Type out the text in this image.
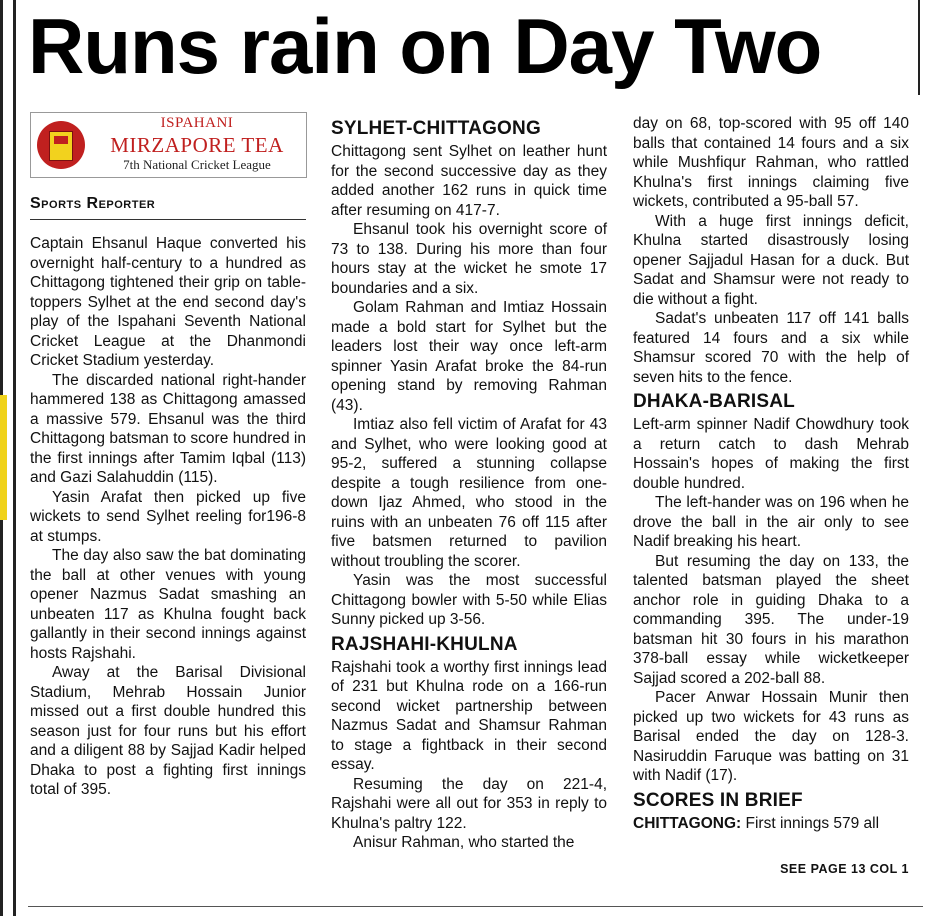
Runs rain on Day Two
ISPAHANI
MIRZAPORE TEA
7th National Cricket League
Sports Reporter

Captain Ehsanul Haque converted his overnight half-century to a hundred as Chittagong tightened their grip on table-toppers Sylhet at the end second day's play of the Ispahani Seventh National Cricket League at the Dhanmondi Cricket Stadium yesterday.

The discarded national right-hander hammered 138 as Chittagong amassed a massive 579. Ehsanul was the third Chittagong batsman to score hundred in the first innings after Tamim Iqbal (113) and Gazi Salahuddin (115).

Yasin Arafat then picked up five wickets to send Sylhet reeling for196-8 at stumps.

The day also saw the bat dominating the ball at other venues with young opener Nazmus Sadat smashing an unbeaten 117 as Khulna fought back gallantly in their second innings against hosts Rajshahi.

Away at the Barisal Divisional Stadium, Mehrab Hossain Junior missed out a first double hundred this season just for four runs but his effort and a diligent 88 by Sajjad Kadir helped Dhaka to post a fighting first innings total of 395.

SYLHET-CHITTAGONG

Chittagong sent Sylhet on leather hunt for the second successive day as they added another 162 runs in quick time after resuming on 417-7.

Ehsanul took his overnight score of 73 to 138. During his more than four hours stay at the wicket he smote 17 boundaries and a six.

Golam Rahman and Imtiaz Hossain made a bold start for Sylhet but the leaders lost their way once left-arm spinner Yasin Arafat broke the 84-run opening stand by removing Rahman (43).

Imtiaz also fell victim of Arafat for 43 and Sylhet, who were looking good at 95-2, suffered a stunning collapse despite a tough resilience from one-down Ijaz Ahmed, who stood in the ruins with an unbeaten 76 off 115 after five batsmen returned to pavilion without troubling the scorer.

Yasin was the most successful Chittagong bowler with 5-50 while Elias Sunny picked up 3-56.

RAJSHAHI-KHULNA

Rajshahi took a worthy first innings lead of 231 but Khulna rode on a 166-run second wicket partnership between Nazmus Sadat and Shamsur Rahman to stage a fightback in their second essay.

Resuming the day on 221-4, Rajshahi were all out for 353 in reply to Khulna's paltry 122.

Anisur Rahman, who started the

day on 68, top-scored with 95 off 140 balls that contained 14 fours and a six while Mushfiqur Rahman, who rattled Khulna's first innings claiming five wickets, contributed a 95-ball 57.

With a huge first innings deficit, Khulna started disastrously losing opener Sajjadul Hasan for a duck. But Sadat and Shamsur were not ready to die without a fight.

Sadat's unbeaten 117 off 141 balls featured 14 fours and a six while Shamsur scored 70 with the help of seven hits to the fence.

DHAKA-BARISAL

Left-arm spinner Nadif Chowdhury took a return catch to dash Mehrab Hossain's hopes of making the first double hundred.

The left-hander was on 196 when he drove the ball in the air only to see Nadif breaking his heart.

But resuming the day on 133, the talented batsman played the sheet anchor role in guiding Dhaka to a commanding 395. The under-19 batsman hit 30 fours in his marathon 378-ball essay while wicketkeeper Sajjad scored a 202-ball 88.

Pacer Anwar Hossain Munir then picked up two wickets for 43 runs as Barisal ended the day on 128-3. Nasiruddin Faruque was batting on 31 with Nadif (17).

SCORES IN BRIEF

CHITTAGONG: First innings 579 all

SEE PAGE 13 COL 1
